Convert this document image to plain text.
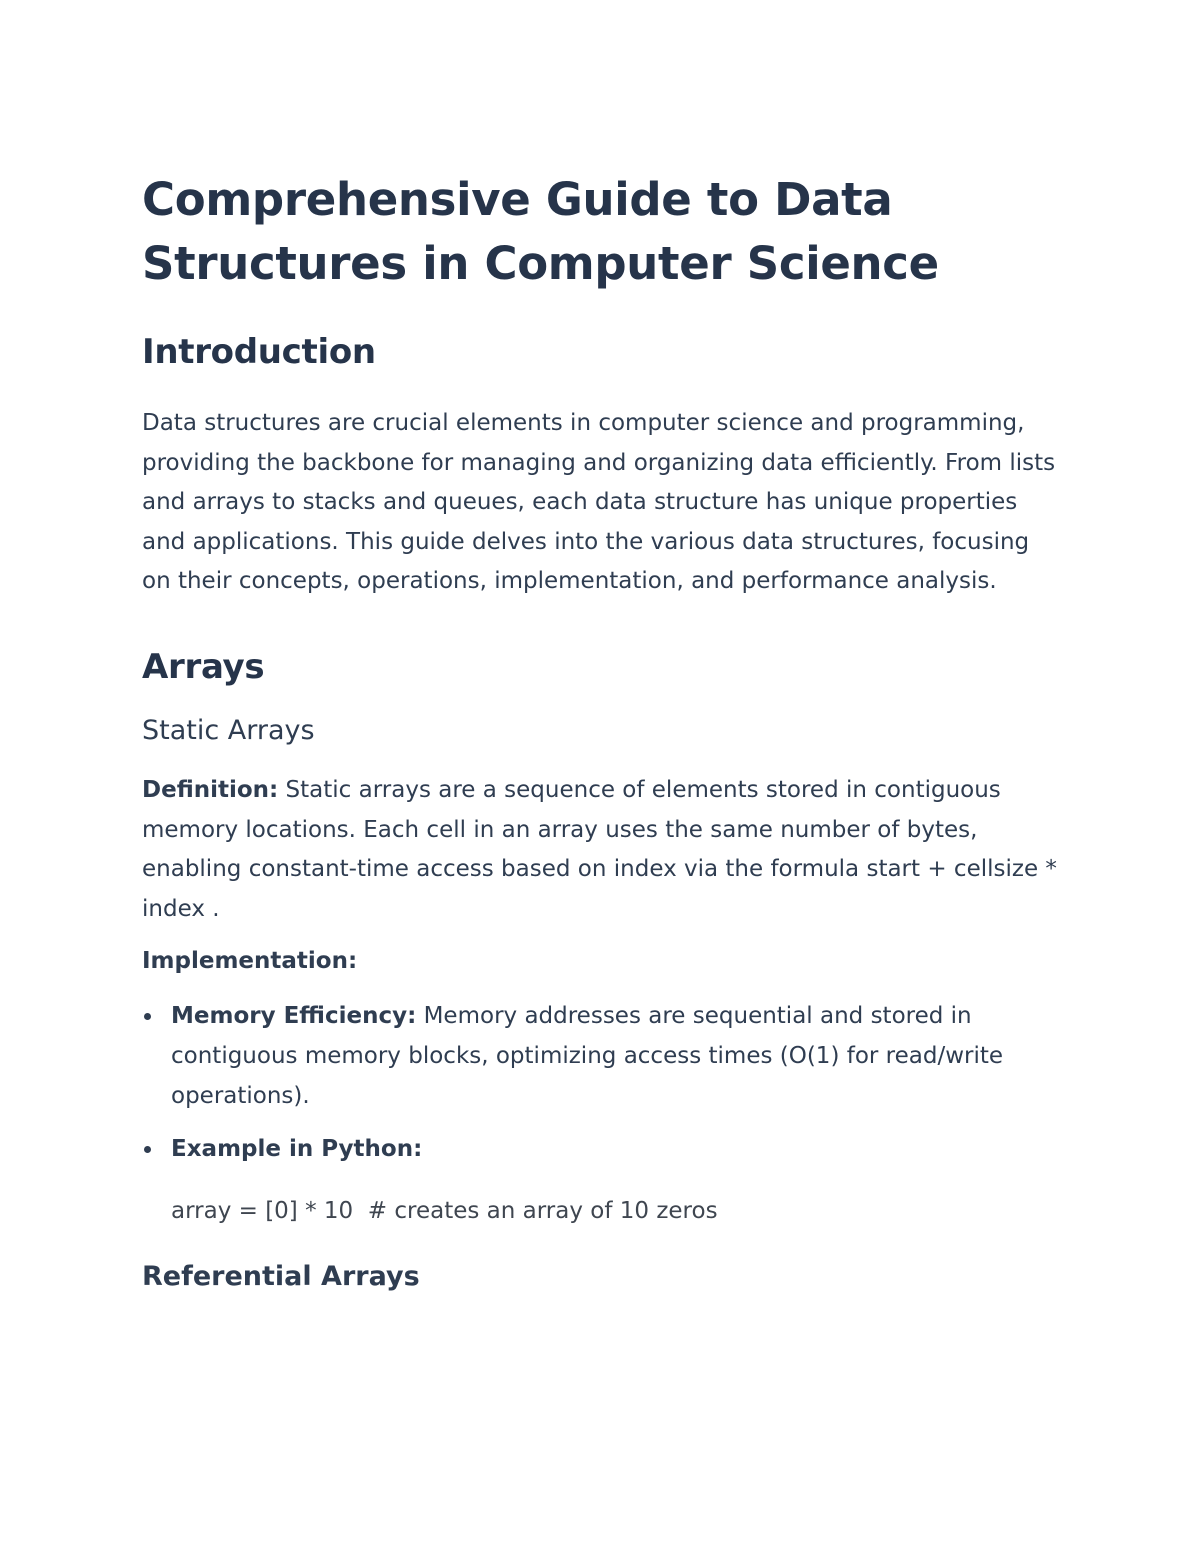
Comprehensive Guide to Data Structures in Computer Science
Introduction

Data structures are crucial elements in computer science and programming, providing the backbone for managing and organizing data efficiently. From lists and arrays to stacks and queues, each data structure has unique properties and applications. This guide delves into the various data structures, focusing on their concepts, operations, implementation, and performance analysis.

Arrays
Static Arrays

Definition: Static arrays are a sequence of elements stored in contiguous memory locations. Each cell in an array uses the same number of bytes, enabling constant-time access based on index via the formula start + cellsize * index .

Implementation:

Memory Efficiency: Memory addresses are sequential and stored in contiguous memory blocks, optimizing access times (O(1) for read/write operations).
Example in Python:
array = [0] * 10  # creates an array of 10 zeros
Referential Arrays
